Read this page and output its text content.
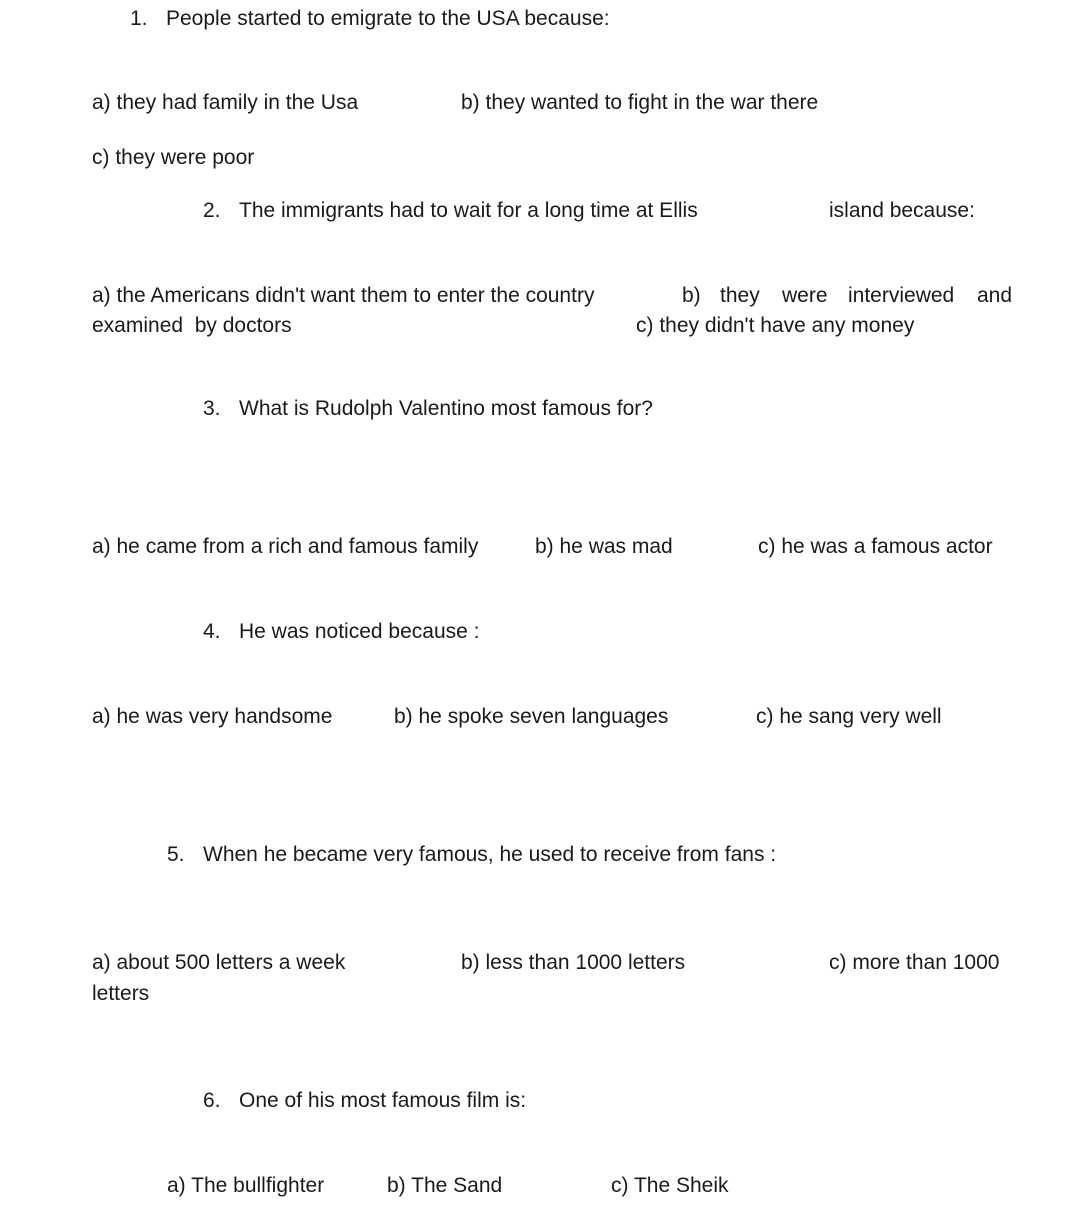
1. People started to emigrate to the USA because:
a) they had family in the Usa	b) they wanted to fight in the war there
c) they were poor
2. The immigrants had to wait for a long time at Ellis	island because:
a) the Americans didn't want them to enter the country	b) they were interviewed and
examined  by doctors	c) they didn't have any money
3. What is Rudolph Valentino most famous for?
a) he came from a rich and famous family	b) he was mad	c) he was a famous actor
4. He was noticed because :
a) he was very handsome	b) he spoke seven languages	c) he sang very well
5. When he became very famous, he used to receive from fans :
a) about 500 letters a week	b) less than 1000 letters	c) more than 1000
letters
6. One of his most famous film is:
a) The bullfighter	b) The Sand	c) The Sheik
